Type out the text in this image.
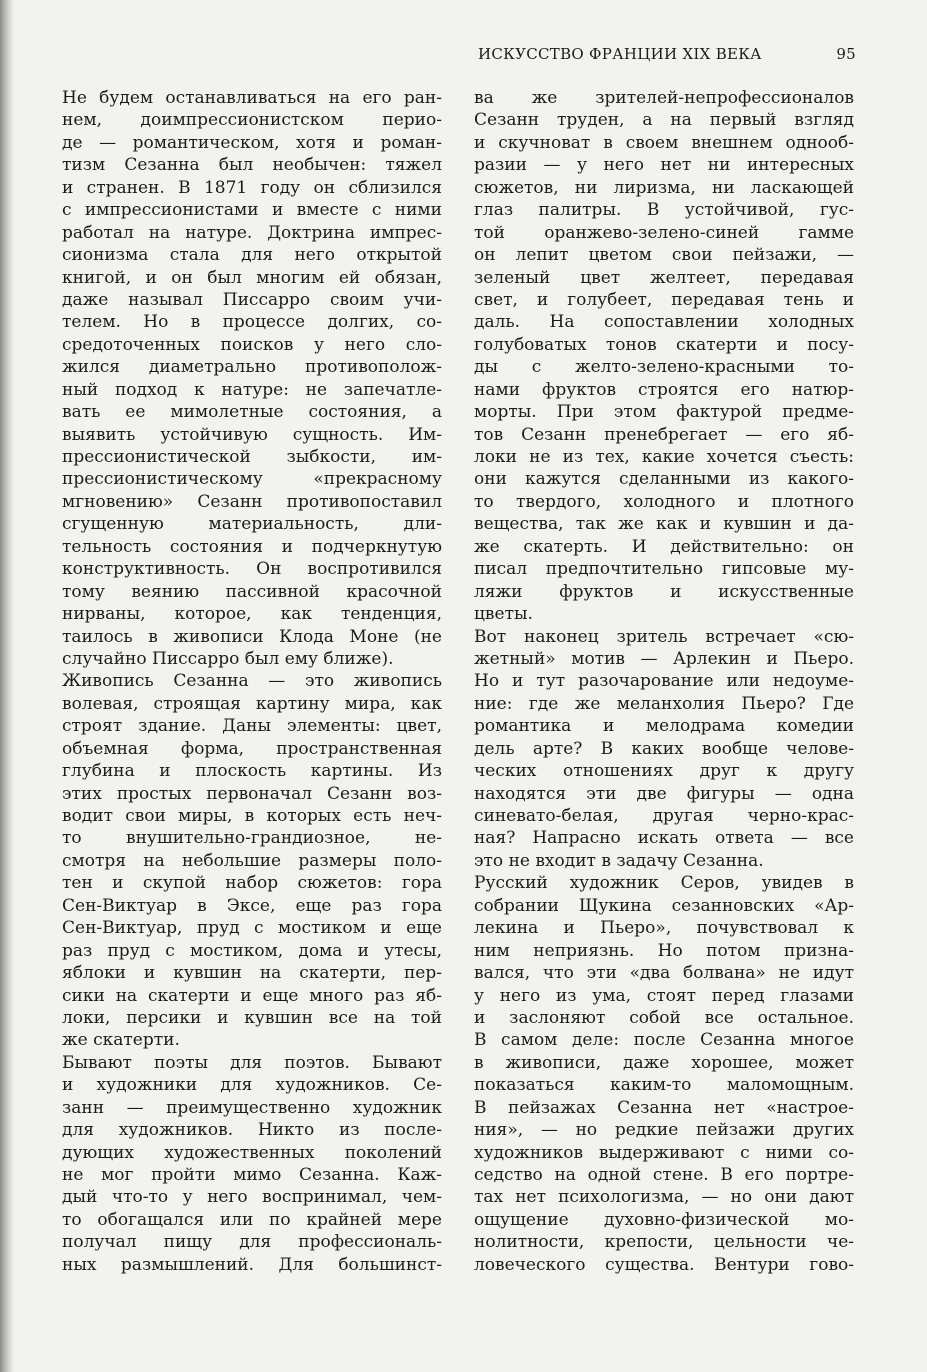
ИСКУССТВО ФРАНЦИИ XIX ВЕКА	95
Не будем останавливаться на его ран-
нем, доимпрессионистском перио-
де — романтическом, хотя и роман-
тизм Сезанна был необычен: тяжел
и странен. В 1871 году он сблизился
с импрессионистами и вместе с ними
работал на натуре. Доктрина импрес-
сионизма стала для него открытой
книгой, и он был многим ей обязан,
даже называл Писсарро своим учи-
телем. Но в процессе долгих, со-
средоточенных поисков у него сло-
жился диаметрально противополож-
ный подход к натуре: не запечатле-
вать ее мимолетные состояния, а
выявить устойчивую сущность. Им-
прессионистической зыбкости, им-
прессионистическому «прекрасному
мгновению» Сезанн противопоставил
сгущенную материальность, дли-
тельность состояния и подчеркнутую
конструктивность. Он воспротивился
тому веянию пассивной красочной
нирваны, которое, как тенденция,
таилось в живописи Клода Моне (не
случайно Писсарро был ему ближе).
Живопись Сезанна — это живопись
волевая, строящая картину мира, как
строят здание. Даны элементы: цвет,
объемная форма, пространственная
глубина и плоскость картины. Из
этих простых первоначал Сезанн воз-
водит свои миры, в которых есть неч-
то внушительно-грандиозное, не-
смотря на небольшие размеры поло-
тен и скупой набор сюжетов: гора
Сен-Виктуар в Эксе, еще раз гора
Сен-Виктуар, пруд с мостиком и еще
раз пруд с мостиком, дома и утесы,
яблоки и кувшин на скатерти, пер-
сики на скатерти и еще много раз яб-
локи, персики и кувшин все на той
же скатерти.
Бывают поэты для поэтов. Бывают
и художники для художников. Се-
занн — преимущественно художник
для художников. Никто из после-
дующих художественных поколений
не мог пройти мимо Сезанна. Каж-
дый что-то у него воспринимал, чем-
то обогащался или по крайней мере
получал пищу для профессиональ-
ных размышлений. Для большинст-
ва же зрителей-непрофессионалов
Сезанн труден, а на первый взгляд
и скучноват в своем внешнем однооб-
разии — у него нет ни интересных
сюжетов, ни лиризма, ни ласкающей
глаз палитры. В устойчивой, гус-
той оранжево-зелено-синей гамме
он лепит цветом свои пейзажи, —
зеленый цвет желтеет, передавая
свет, и голубеет, передавая тень и
даль. На сопоставлении холодных
голубоватых тонов скатерти и посу-
ды с желто-зелено-красными то-
нами фруктов строятся его натюр-
морты. При этом фактурой предме-
тов Сезанн пренебрегает — его яб-
локи не из тех, какие хочется съесть:
они кажутся сделанными из какого-
то твердого, холодного и плотного
вещества, так же как и кувшин и да-
же скатерть. И действительно: он
писал предпочтительно гипсовые му-
ляжи фруктов и искусственные
цветы.
Вот наконец зритель встречает «сю-
жетный» мотив — Арлекин и Пьеро.
Но и тут разочарование или недоуме-
ние: где же меланхолия Пьеро? Где
романтика и мелодрама комедии
дель арте? В каких вообще челове-
ческих отношениях друг к другу
находятся эти две фигуры — одна
синевато-белая, другая черно-крас-
ная? Напрасно искать ответа — все
это не входит в задачу Сезанна.
Русский художник Серов, увидев в
собрании Щукина сезанновских «Ар-
лекина и Пьеро», почувствовал к
ним неприязнь. Но потом призна-
вался, что эти «два болвана» не идут
у него из ума, стоят перед глазами
и заслоняют собой все остальное.
В самом деле: после Сезанна многое
в живописи, даже хорошее, может
показаться каким-то маломощным.
В пейзажах Сезанна нет «настрое-
ния», — но редкие пейзажи других
художников выдерживают с ними со-
седство на одной стене. В его портре-
тах нет психологизма, — но они дают
ощущение духовно-физической мо-
нолитности, крепости, цельности че-
ловеческого существа. Вентури гово-
